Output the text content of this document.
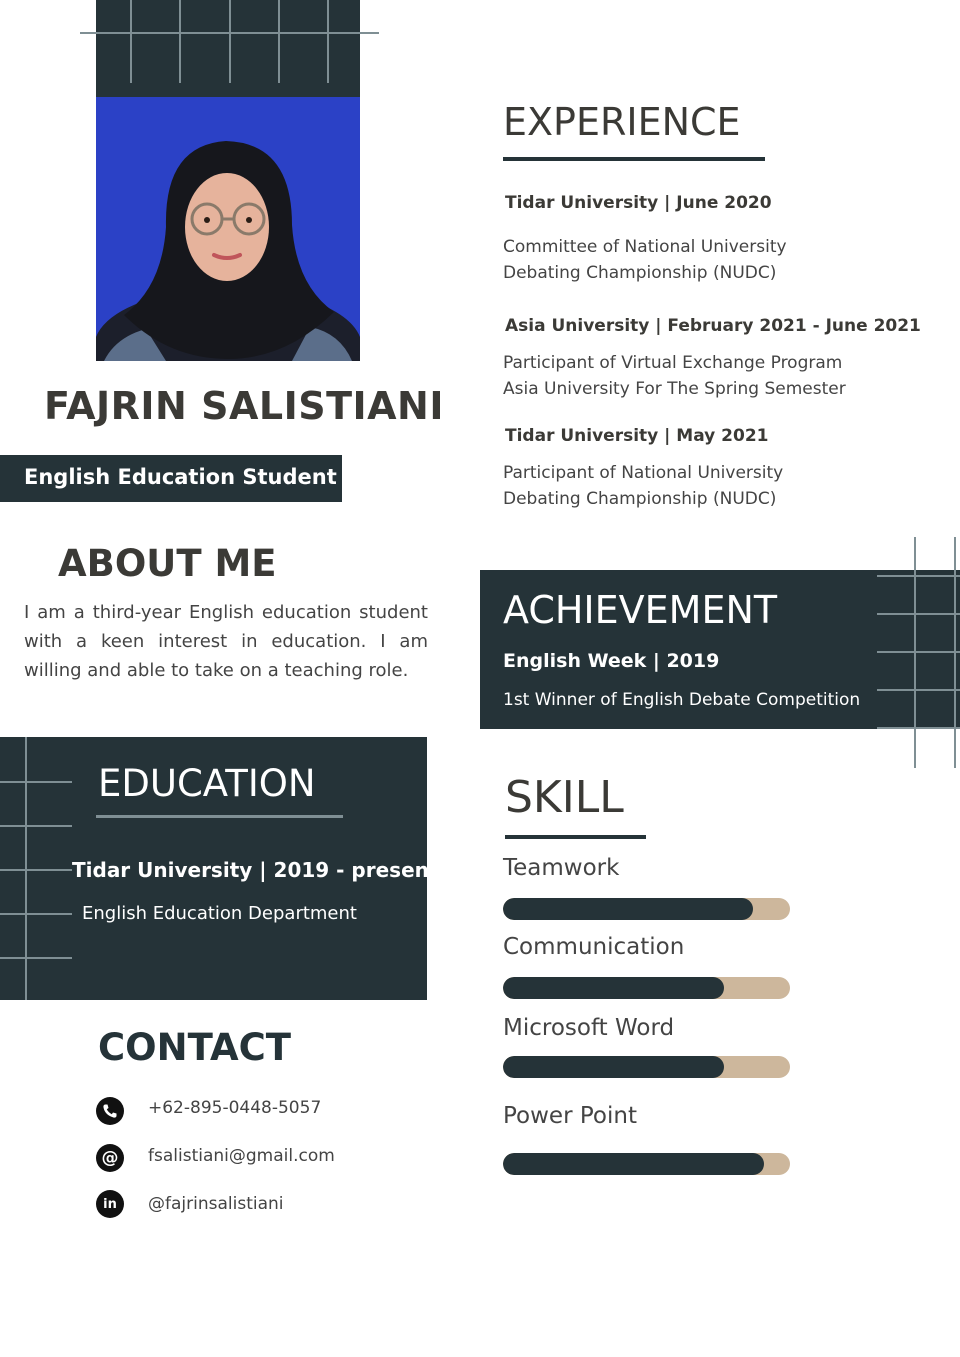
FAJRIN SALISTIANI
English Education Student
ABOUT ME
I am a third-year English education student with a keen interest in education. I am willing and able to take on a teaching role.
EDUCATION
Tidar University | 2019 - present
English Education Department
CONTACT
+62-895-0448-5057
@	fsalistiani@gmail.com
in	@fajrinsalistiani
EXPERIENCE
Tidar University | June 2020
Committee of National University
Debating Championship (NUDC)
Asia University | February 2021 - June 2021
Participant of Virtual Exchange Program
Asia University For The Spring Semester
Tidar University | May 2021
Participant of National University
Debating Championship (NUDC)
ACHIEVEMENT
English Week | 2019
1st Winner of English Debate Competition
SKILL
Teamwork
Communication
Microsoft Word
Power Point
